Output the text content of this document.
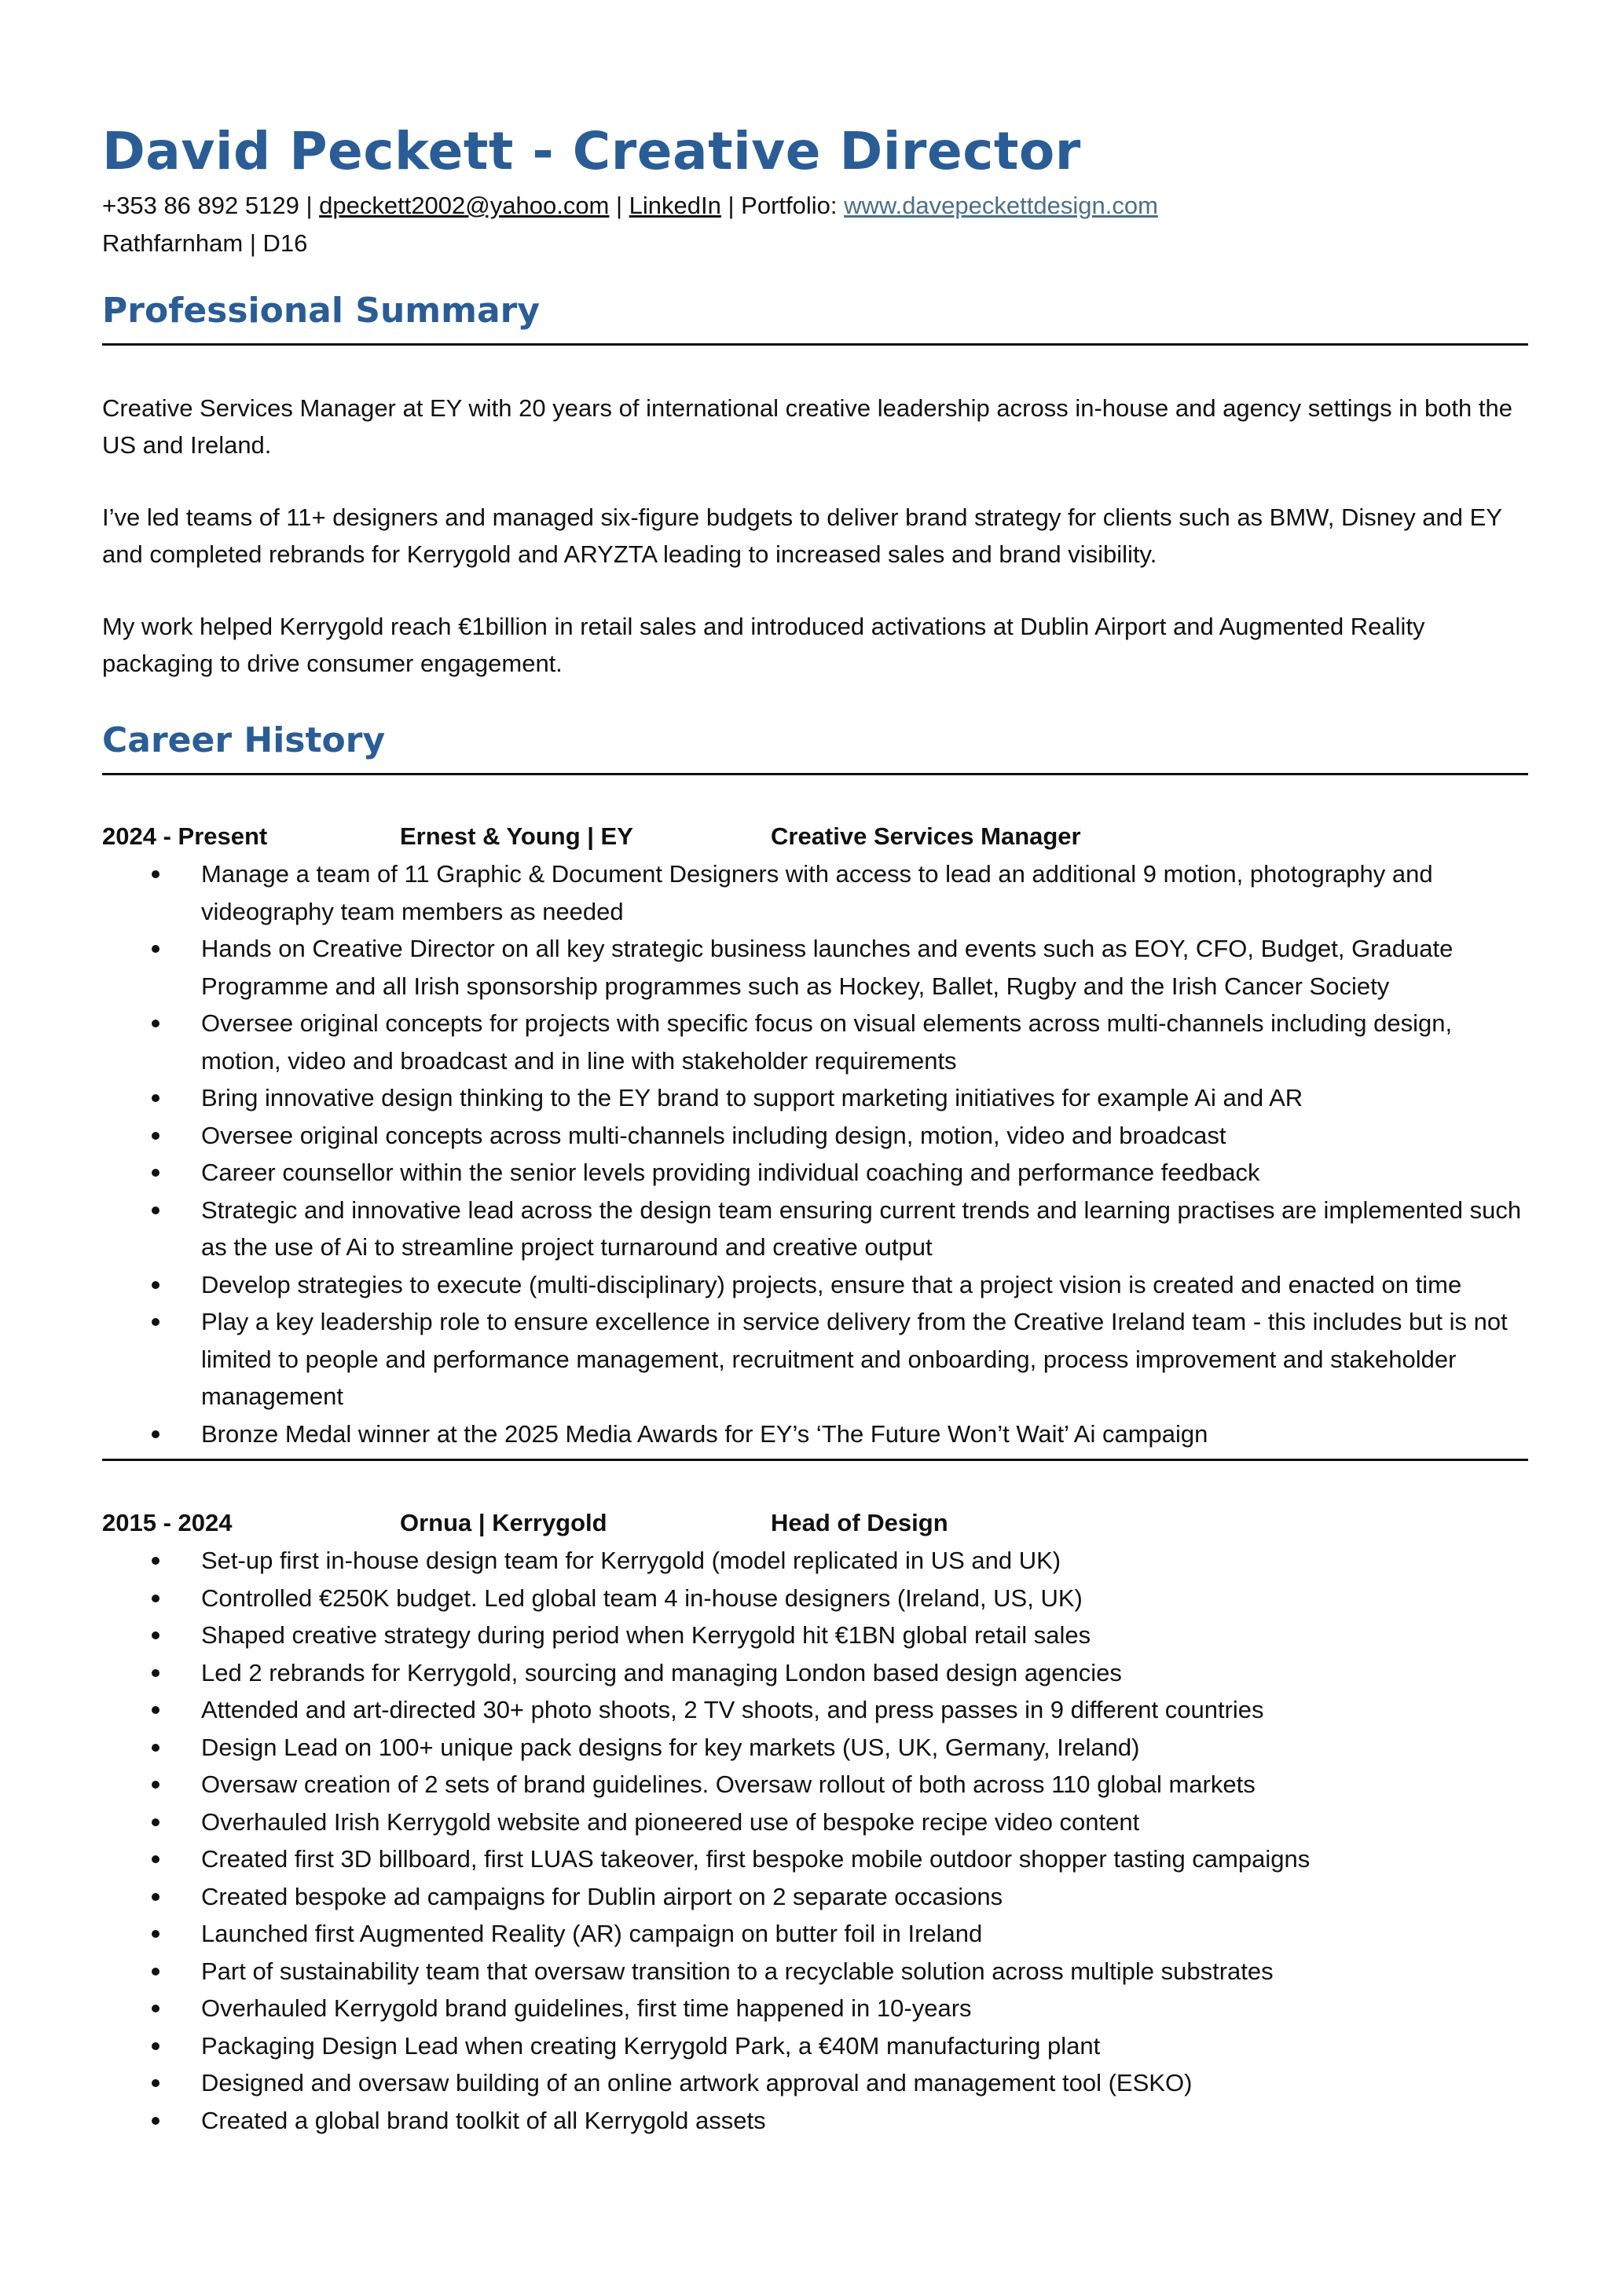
David Peckett - Creative Director
+353 86 892 5129 | dpeckett2002@yahoo.com | LinkedIn | Portfolio: www.davepeckettdesign.com
Rathfarnham | D16
Professional Summary

Creative Services Manager at EY with 20 years of international creative leadership across in-house and agency settings in both the US and Ireland.

I’ve led teams of 11+ designers and managed six-figure budgets to deliver brand strategy for clients such as BMW, Disney and EY and completed rebrands for Kerrygold and ARYZTA leading to increased sales and brand visibility.

My work helped Kerrygold reach €1billion in retail sales and introduced activations at Dublin Airport and Augmented Reality packaging to drive consumer engagement.

Career History
2024 - Present	Ernest & Young | EY	Creative Services Manager
Manage a team of 11 Graphic & Document Designers with access to lead an additional 9 motion, photography and videography team members as needed
Hands on Creative Director on all key strategic business launches and events such as EOY, CFO, Budget, Graduate Programme and all Irish sponsorship programmes such as Hockey, Ballet, Rugby and the Irish Cancer Society
Oversee original concepts for projects with specific focus on visual elements across multi-channels including design, motion, video and broadcast and in line with stakeholder requirements
Bring innovative design thinking to the EY brand to support marketing initiatives for example Ai and AR
Oversee original concepts across multi-channels including design, motion, video and broadcast
Career counsellor within the senior levels providing individual coaching and performance feedback
Strategic and innovative lead across the design team ensuring current trends and learning practises are implemented such as the use of Ai to streamline project turnaround and creative output
Develop strategies to execute (multi-disciplinary) projects, ensure that a project vision is created and enacted on time
Play a key leadership role to ensure excellence in service delivery from the Creative Ireland team - this includes but is not limited to people and performance management, recruitment and onboarding, process improvement and stakeholder management
Bronze Medal winner at the 2025 Media Awards for EY’s ‘The Future Won’t Wait’ Ai campaign
2015 - 2024	Ornua | Kerrygold	Head of Design
Set-up first in-house design team for Kerrygold (model replicated in US and UK)
Controlled €250K budget. Led global team 4 in-house designers (Ireland, US, UK)
Shaped creative strategy during period when Kerrygold hit €1BN global retail sales
Led 2 rebrands for Kerrygold, sourcing and managing London based design agencies
Attended and art-directed 30+ photo shoots, 2 TV shoots, and press passes in 9 different countries
Design Lead on 100+ unique pack designs for key markets (US, UK, Germany, Ireland)
Oversaw creation of 2 sets of brand guidelines. Oversaw rollout of both across 110 global markets
Overhauled Irish Kerrygold website and pioneered use of bespoke recipe video content
Created first 3D billboard, first LUAS takeover, first bespoke mobile outdoor shopper tasting campaigns
Created bespoke ad campaigns for Dublin airport on 2 separate occasions
Launched first Augmented Reality (AR) campaign on butter foil in Ireland
Part of sustainability team that oversaw transition to a recyclable solution across multiple substrates
Overhauled Kerrygold brand guidelines, first time happened in 10-years
Packaging Design Lead when creating Kerrygold Park, a €40M manufacturing plant
Designed and oversaw building of an online artwork approval and management tool (ESKO)
Created a global brand toolkit of all Kerrygold assets
